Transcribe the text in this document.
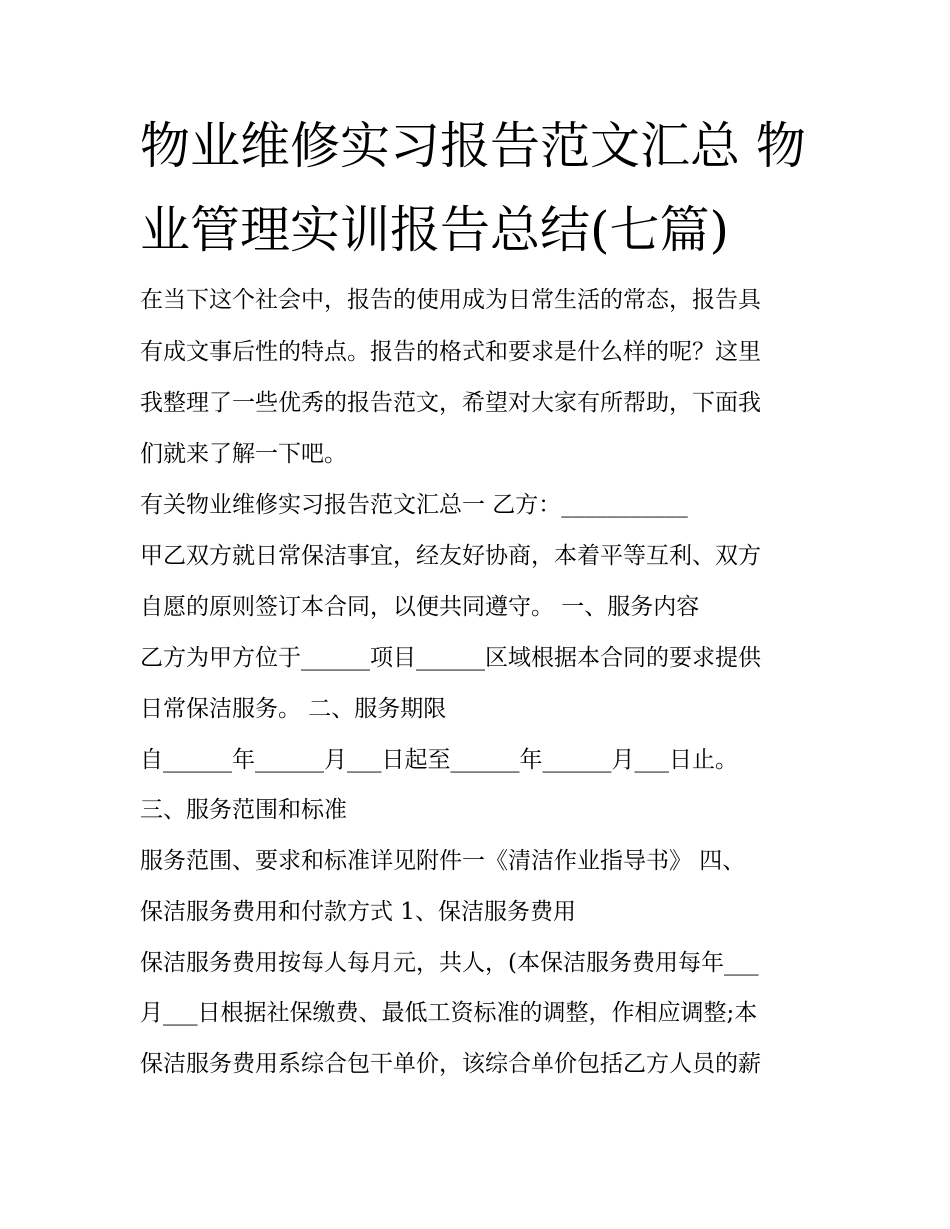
物业维修实习报告范文汇总 物
业管理实训报告总结(七篇)

在当下这个社会中，报告的使用成为日常生活的常态，报告具

有成文事后性的特点。报告的格式和要求是什么样的呢？这里

我整理了一些优秀的报告范文，希望对大家有所帮助，下面我

们就来了解一下吧。

有关物业维修实习报告范文汇总一 乙方：___________

甲乙双方就日常保洁事宜，经友好协商，本着平等互利、双方

自愿的原则签订本合同，以便共同遵守。 一、服务内容

乙方为甲方位于______项目______区域根据本合同的要求提供

日常保洁服务。 二、服务期限

自______年______月___日起至______年______月___日止。

三、服务范围和标准

服务范围、要求和标准详见附件一《清洁作业指导书》 四、

保洁服务费用和付款方式 1、保洁服务费用

保洁服务费用按每人每月元，共人，(本保洁服务费用每年___

月___日根据社保缴费、最低工资标准的调整，作相应调整;本

保洁服务费用系综合包干单价，该综合单价包括乙方人员的薪
